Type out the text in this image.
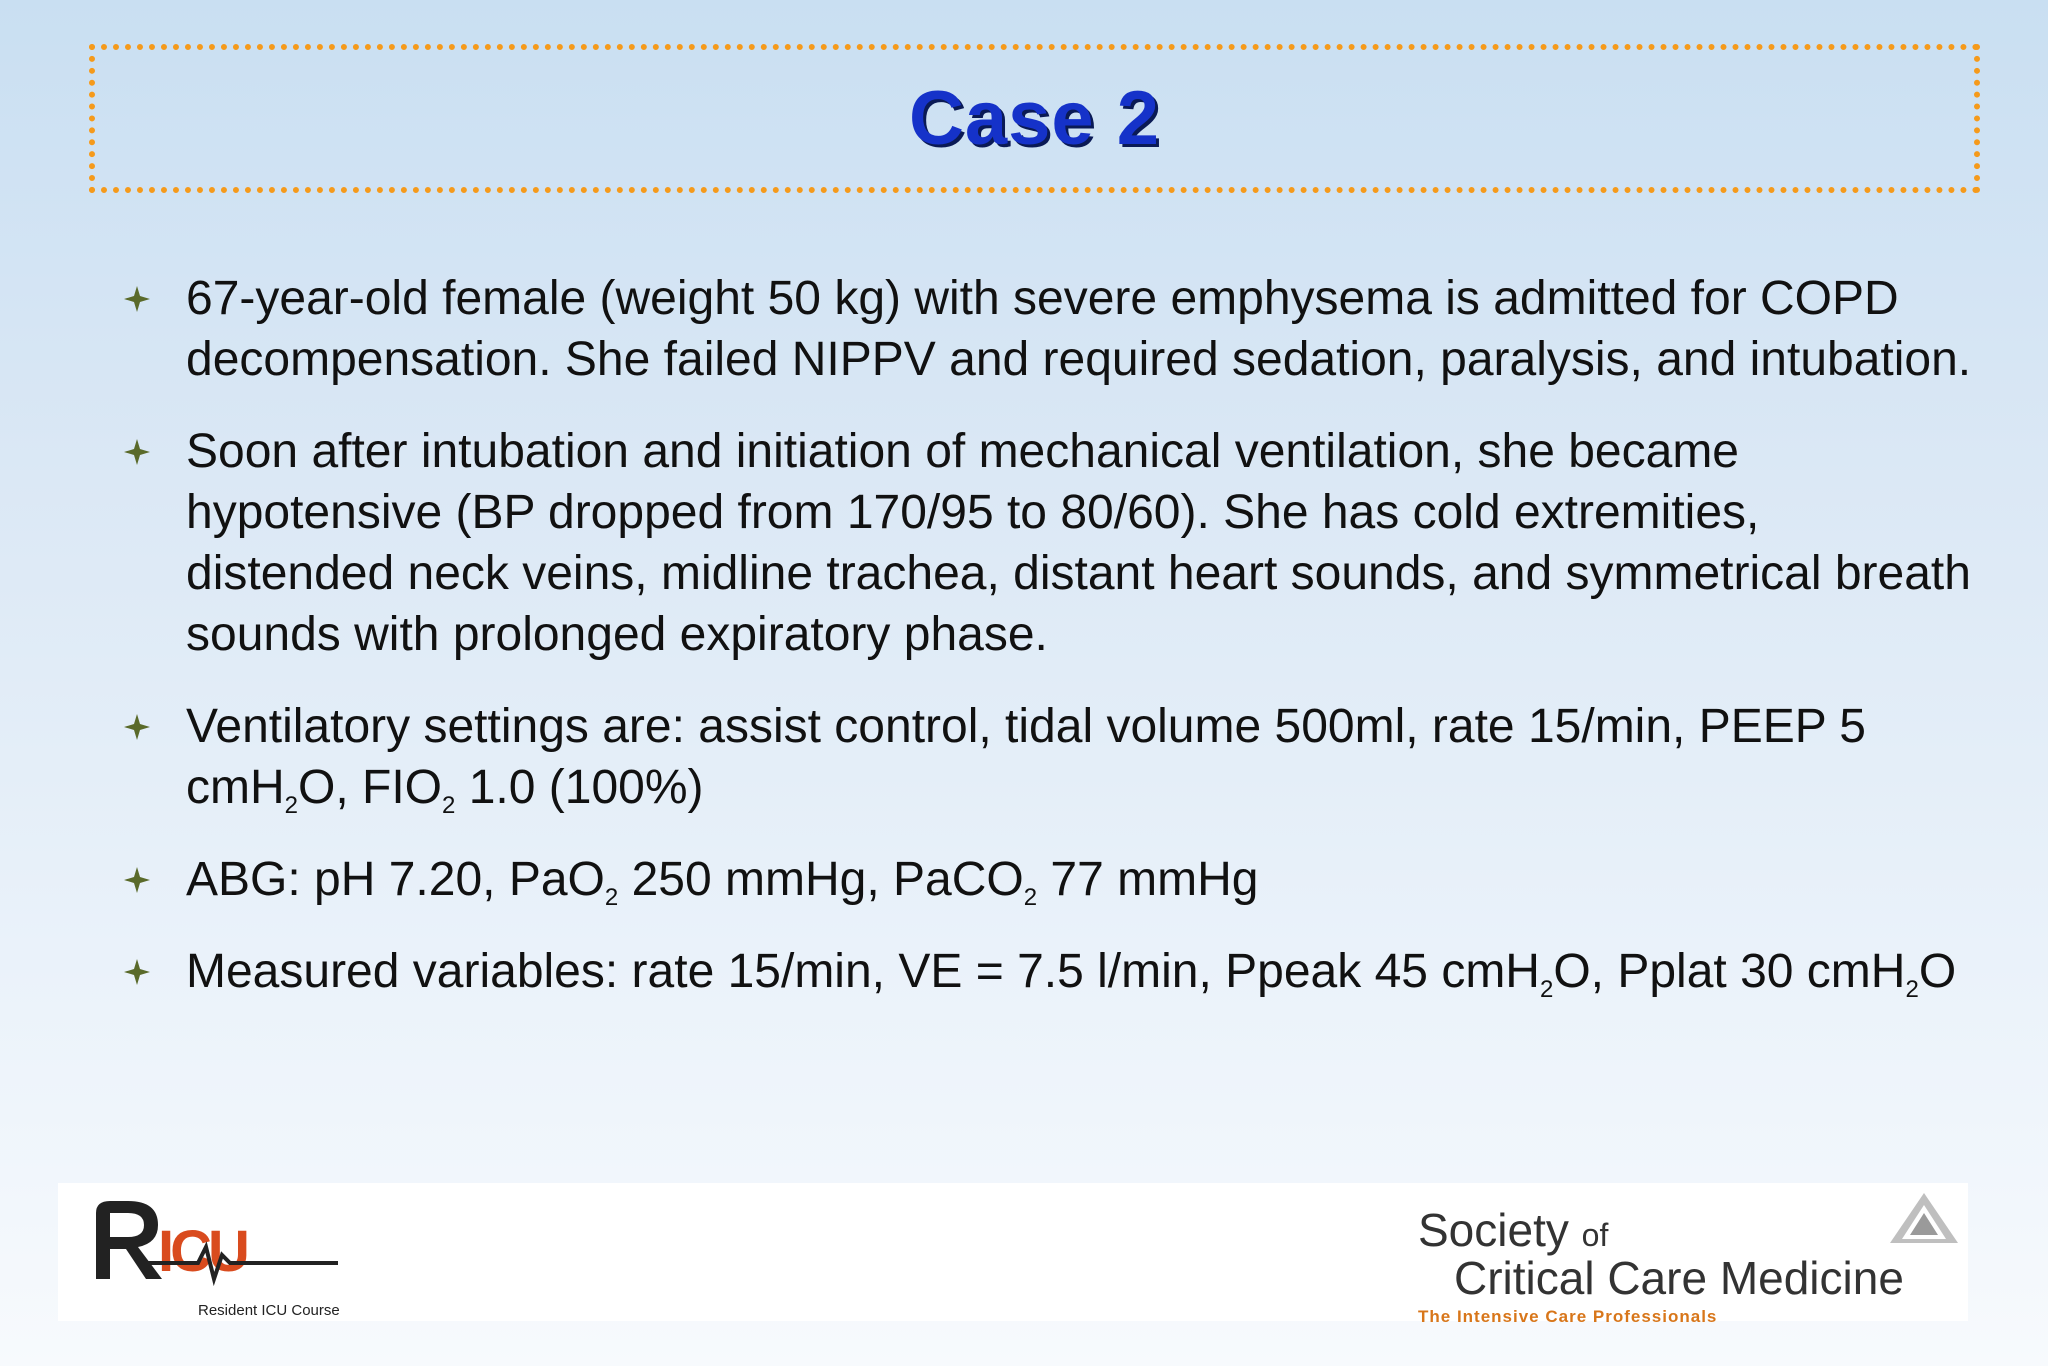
Case 2
67-year-old female (weight 50 kg) with severe emphysema is admitted for COPD decompensation. She failed NIPPV and required sedation, paralysis, and intubation.
Soon after intubation and initiation of mechanical ventilation, she became hypotensive (BP dropped from 170/95 to 80/60). She has cold extremities, distended neck veins, midline trachea, distant heart sounds, and symmetrical breath sounds with prolonged expiratory phase.
Ventilatory settings are: assist control, tidal volume 500ml, rate 15/min, PEEP 5 cmH$_2$O, $FIO_2$ 1.0 (100%)
ABG: pH 7.20, PaO$_2$ 250 mmHg, PaCO$_2$ 77 mmHg
Measured variables: rate 15/min, VE = 7.5 l/min, Ppeak 45 cmH$_2$O, Pplat 30 cmH$_2$O
ICU
Resident ICU Course
Society of
Critical Care Medicine
The Intensive Care Professionals
